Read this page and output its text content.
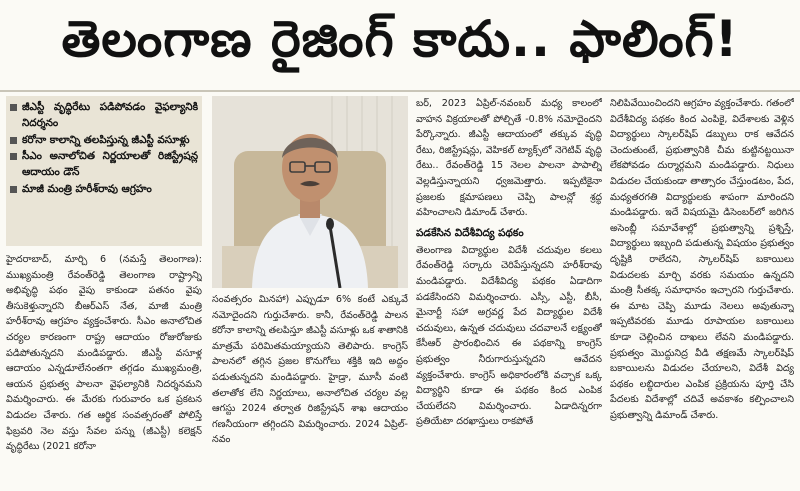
తెలంగాణ రైజింగ్ కాదు.. ఫాలింగ్!
జీఎస్టీ వృద్ధిరేటు పడిపోవడం వైఫల్యానికి నిదర్శనం
కరోనా కాలాన్ని తలపిస్తున్న జీఎస్టీ వసూళ్లు
సీఎం అనాలోచిత నిర్ణయాలతో రిజిస్ట్రేషన్ల ఆదాయం డౌన్
మాజీ మంత్రి హరీశ్‌రావు ఆగ్రహం

హైదరాబాద్, మార్చి 6 (నమస్తే తెలంగాణ): ముఖ్యమంత్రి రేవంత్‌రెడ్డి తెలంగాణ రాష్ట్రాన్ని అభివృద్ధి పథం వైపు కాకుండా పతనం వైపు తీసుకెళ్తున్నారని బీఆర్‌ఎస్ నేత, మాజీ మంత్రి హరీశ్‌రావు ఆగ్రహం వ్యక్తంచేశారు. సీఎం అనాలోచిత చర్యల కారణంగా రాష్ట్ర ఆదాయం రోజురోజుకు పడిపోతున్నదని మండిపడ్డారు. జీఎస్టీ వసూళ్ల ఆదాయం ఎన్నడూలేనంతగా తగ్గడం ముఖ్యమంత్రి, ఆయన ప్రభుత్వ పాలనా వైఫల్యానికి నిదర్శనమని విమర్శించారు. ఈ మేరకు గురువారం ఒక ప్రకటన విడుదల చేశారు. గత ఆర్థిక సంవత్సరంతో పోలిస్తే ఫిబ్రవరి నెల వస్తు సేవల పన్ను (జీఎస్టీ) కలెక్షన్ వృద్ధిరేటు (2021 కరోనా

సంవత్సరం మినహా) ఎప్పుడూ 6% కంటే ఎక్కువే నమోదైందని గుర్తుచేశారు. కానీ, రేవంత్‌రెడ్డి పాలన కరోనా కాలాన్ని తలపిస్తూ జీఎస్టీ వసూళ్లు ఒక శాతానికి మాత్రమే పరిమితమయ్యాయని తెలిపారు. కాంగ్రెస్ పాలనలో తగ్గిన ప్రజల కొనుగోలు శక్తికి ఇది అద్దం పడుతున్నదని మండిపడ్డారు. హైడ్రా, మూసీ వంటి తలాతోక లేని నిర్ణయాలు, అనాలోచిత చర్యల వల్ల ఆగస్టు 2024 తర్వాత రిజిస్ట్రేషన్ శాఖ ఆదాయం గణనీయంగా తగ్గిందని విమర్శించారు. 2024 ఏప్రిల్-నవం

బర్, 2023 ఏప్రిల్-నవంబర్ మధ్య కాలంలో వాహన విక్రయాలతో పోల్చితే -0.8% నమోదైందని పేర్కొన్నారు. జీఎస్టీ ఆదాయంలో తక్కువ వృద్ధి రేటు, రిజిస్ట్రేషన్లు, వెహికల్ ట్యాక్స్‌లో నెగెటివ్ వృద్ధి రేటు.. రేవంత్‌రెడ్డి 15 నెలల పాలనా పాపాల్ని వెల్లడిస్తున్నాయని ధ్వజమెత్తారు. ఇప్పటికైనా ప్రజలకు క్షమాపణలు చెప్పి పాలన్లో శ్రద్ధ వహించాలని డిమాండ్ చేశారు.

పడకేసిన విదేశీవిద్య పథకం

తెలంగాణ విద్యార్థుల విదేశీ చదువుల కలలు రేవంత్‌రెడ్డి సర్కారు చెరిపేస్తున్నదని హరీశ్‌రావు మండిపడ్డారు. విదేశీవిద్య పథకం ఏడాదిగా పడకేసిందని విమర్శించారు. ఎస్సీ, ఎస్టీ, బీసీ, మైనార్టీ సహా అగ్రవర్ణ పేద విద్యార్థుల విదేశీ చదువులు, ఉన్నత చదువులు చదవాలనే లక్ష్యంతో కేసీఆర్ ప్రారంభించిన ఈ పథకాన్ని కాంగ్రెస్ ప్రభుత్వం నీరుగారుస్తున్నదని ఆవేదన వ్యక్తంచేశారు. కాంగ్రెస్ అధికారంలోకి వచ్చాక ఒక్క విద్యార్థిని కూడా ఈ పథకం కింద ఎంపిక చేయలేదని విమర్శించారు. ఏడాదిన్నరగా ప్రతియేటా దరఖాస్తులు రాకపోతే

నిలిపివేయించిందని ఆగ్రహం వ్యక్తంచేశారు. గతంలో విదేశీవిద్య పథకం కింద ఎంపికై, విదేశాలకు వెళ్లిన విద్యార్థులు స్కాలర్‌షిప్ డబ్బులు రాక ఆవేదన చెందుతుంటే, ప్రభుత్వానికి చీమ కుట్టినట్టయినా లేకపోవడం దుర్మార్గమని మండిపడ్డారు. నిధులు విడుదల చేయకుండా తాత్సారం చేస్తుండటం, పేద, మధ్యతరగతి విద్యార్థులకు శాపంగా మారిందని మండిపడ్డారు. ఇదే విషయమై డిసెంబర్‌లో జరిగిన అసెంబ్లీ సమావేశాల్లో ప్రభుత్వాన్ని ప్రశ్నిస్తే, విద్యార్థులు ఇబ్బంది పడుతున్న విషయం ప్రభుత్వం దృష్టికి రాలేదని, స్కాలర్‌షిప్ బకాయిలు విడుదలకు మార్చి వరకు సమయం ఉన్నదని మంత్రి సీతక్క సమాధానం ఇచ్చారని గుర్తుచేశారు. ఈ మాట చెప్పి మూడు నెలలు అవుతున్నా ఇప్పటివరకు మూడు రూపాయల బకాయిలు కూడా చెల్లించిన దాఖలు లేవని మండిపడ్డారు. ప్రభుత్వం మొద్దునిద్ర వీడి తక్షణమే స్కాలర్‌షిప్ బకాయిలను విడుదల చేయాలని, విదేశీ విద్య పథకం లబ్ధిదారుల ఎంపిక ప్రక్రియను పూర్తి చేసి పేదలకు విదేశాల్లో చదివే అవకాశం కల్పించాలని ప్రభుత్వాన్ని డిమాండ్ చేశారు.
